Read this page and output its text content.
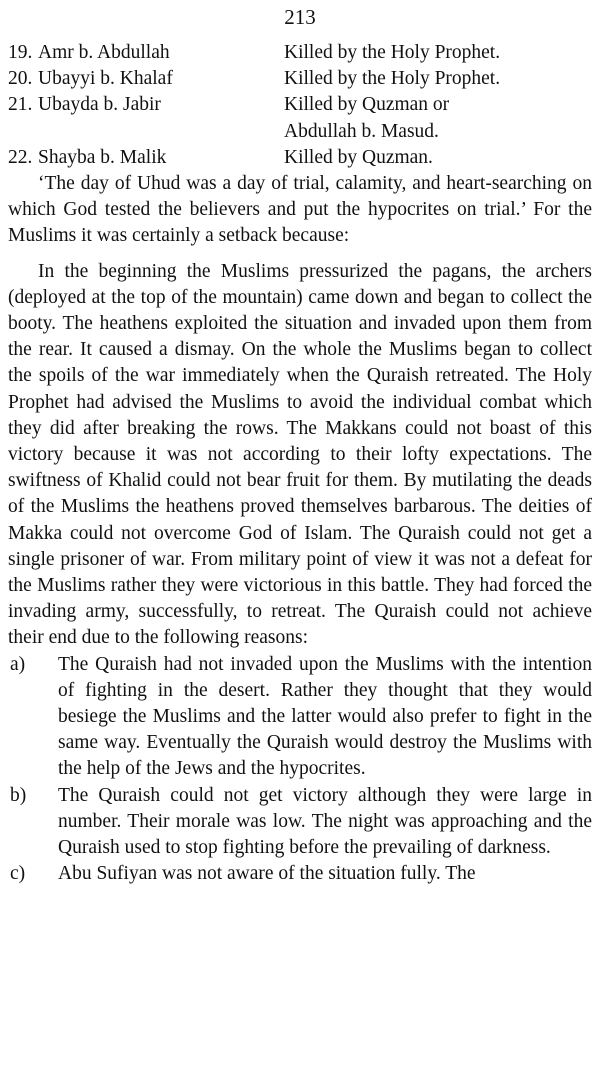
213
19. Amr b. Abdullah	Killed by the Holy Prophet.
20. Ubayyi b. Khalaf	Killed by the Holy Prophet.
21. Ubayda b. Jabir	Killed by Quzman or
Abdullah b. Masud.
22. Shayba b. Malik	Killed by Quzman.

‘The day of Uhud was a day of trial, calamity, and heart-searching on which God tested the believers and put the hypocrites on trial.’ For the Muslims it was certainly a setback because:

In the beginning the Muslims pressurized the pagans, the archers (deployed at the top of the mountain) came down and began to collect the booty. The heathens exploited the situation and invaded upon them from the rear. It caused a dismay. On the whole the Muslims began to collect the spoils of the war immediately when the Quraish retreated. The Holy Prophet had advised the Muslims to avoid the individual combat which they did after breaking the rows. The Makkans could not boast of this victory because it was not according to their lofty expectations. The swiftness of Khalid could not bear fruit for them. By mutilating the deads of the Muslims the heathens proved themselves barbarous. The deities of Makka could not overcome God of Islam. The Quraish could not get a single prisoner of war. From military point of view it was not a defeat for the Muslims rather they were victorious in this battle. They had forced the invading army, successfully, to retreat. The Quraish could not achieve their end due to the following reasons:

a)	The Quraish had not invaded upon the Muslims with the intention of fighting in the desert. Rather they thought that they would besiege the Muslims and the latter would also prefer to fight in the same way. Eventually the Quraish would destroy the Muslims with the help of the Jews and the hypocrites.

b)	The Quraish could not get victory although they were large in number. Their morale was low. The night was approaching and the Quraish used to stop fighting before the prevailing of darkness.

c)	Abu Sufiyan was not aware of the situation fully. The
